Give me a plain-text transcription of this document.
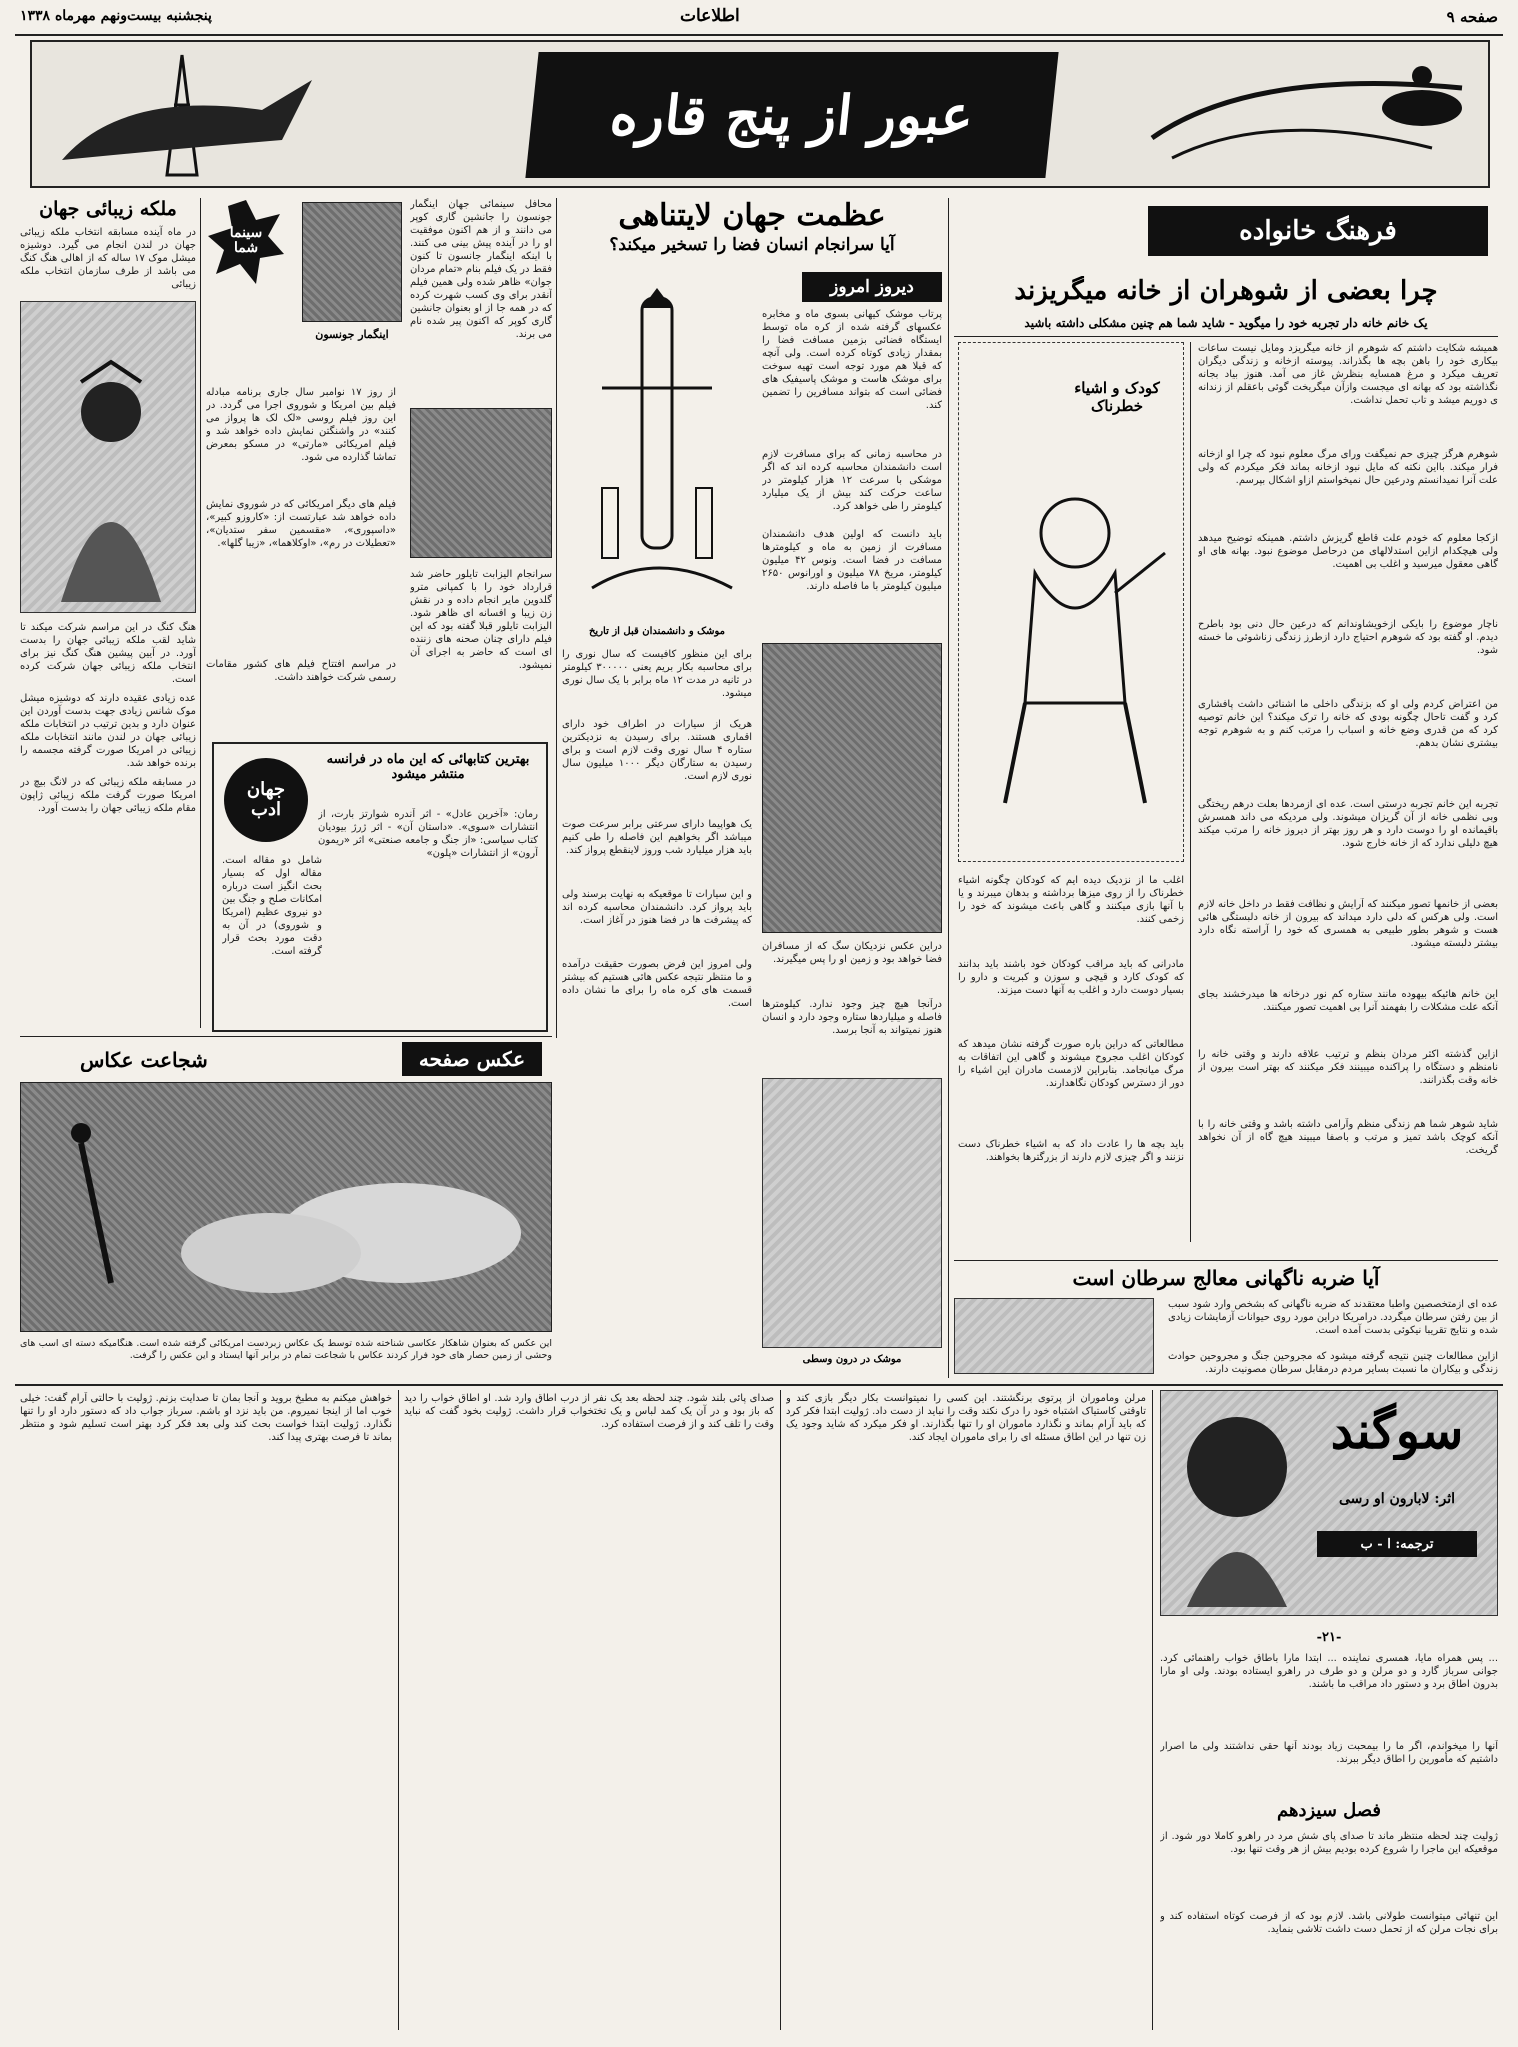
صفحه ۹
اطلاعات
پنجشنبه بیست‌ونهم مهرماه ۱۳۳۸
عبور از پنج قاره
ملکه زیبائی جهان
در ماه آینده مسابقه انتخاب ملکه زیبائی جهان در لندن انجام می گیرد. دوشیزه میشل موک ۱۷ ساله که از اهالی هنگ کنگ می باشد از طرف سازمان انتخاب ملکه زیبائی
هنگ کنگ در این مراسم شرکت میکند تا شاید لقب ملکه زیبائی جهان را بدست آورد. در آیین پیشین هنگ کنگ نیز برای انتخاب ملکه زیبائی جهان شرکت کرده است.
عده زیادی عقیده دارند که دوشیزه میشل موک شانس زیادی جهت بدست آوردن این عنوان دارد و بدین ترتیب در انتخابات ملکه زیبائی جهان در لندن مانند انتخابات ملکه زیبائی در امریکا صورت گرفته مجسمه را برنده خواهد شد.
در مسابقه ملکه زیبائی که در لانگ بیچ در امریکا صورت گرفت ملکه زیبائی ژاپون مقام ملکه زیبائی جهان را بدست آورد.
سینما شما
محافل سینمائی جهان اینگمار جونسون را جانشین گاری کوپر می دانند و از هم اکنون موفقیت او را در آینده پیش بینی می کنند. با اینکه اینگمار جانسون تا کنون فقط در یک فیلم بنام «تمام مردان جوان» ظاهر شده ولی همین فیلم آنقدر برای وی کسب شهرت کرده که در همه جا از او بعنوان جانشین گاری کوپر که اکنون پیر شده نام می برند.
اینگمار جونسون
از روز ۱۷ نوامبر سال جاری برنامه مبادله فیلم بین امریکا و شوروی اجرا می گردد. در این روز فیلم روسی «لک لک ها پرواز می کنند» در واشنگتن نمایش داده خواهد شد و فیلم امریکائی «مارتی» در مسکو بمعرض تماشا گذارده می شود.
فیلم های دیگر امریکائی که در شوروی نمایش داده خواهد شد عبارتست از: «کاروزو کبیر»، «داسپوری»، «مقسمین سفر ستدیان»، «تعطیلات در رم»، «اوکلاهما»، «زیبا گلها».
سرانجام الیزابت تایلور حاضر شد قرارداد خود را با کمپانی مترو گلدوین مایر انجام داده و در نقش زن زیبا و افسانه ای ظاهر شود. الیزابت تایلور قبلا گفته بود که این فیلم دارای چنان صحنه های زننده ای است که حاضر به اجرای آن نمیشود.
در مراسم افتتاح فیلم های کشور مقامات رسمی شرکت خواهند داشت.
جهان ادب
بهترین کتابهائی که این ماه در فرانسه منتشر میشود
رمان: «آخرین عادل» - اثر آندره شوارتز بارت، از انتشارات «سوی». «داستان آن» - اثر ژرژ بیودیان کتاب سیاسی: «از جنگ و جامعه صنعتی» اثر «ریمون آرون» از انتشارات «پلون»
شامل دو مقاله است. مقاله اول که بسیار بحث انگیز است درباره امکانات صلح و جنگ بین دو نیروی عظیم (امریکا و شوروی) در آن به دقت مورد بحث قرار گرفته است.
عظمت جهان لایتناهی
آیا سرانجام انسان فضا را تسخیر میکند؟
دیروز امروز
پرتاب موشک کیهانی بسوی ماه و مخابره عکسهای گرفته شده از کره ماه توسط ایستگاه فضائی بزمین مسافت فضا را بمقدار زیادی کوتاه کرده است. ولی آنچه که قبلا هم مورد توجه است تهیه سوخت برای موشک هاست و موشک پاسیفیک های فضائی است که بتواند مسافرین را تضمین کند.
در محاسبه زمانی که برای مسافرت لازم است دانشمندان محاسبه کرده اند که اگر موشکی با سرعت ۱۲ هزار کیلومتر در ساعت حرکت کند بیش از یک میلیارد کیلومتر را طی خواهد کرد.
باید دانست که اولین هدف دانشمندان مسافرت از زمین به ماه و کیلومترها مسافت در فضا است. ونوس ۴۲ میلیون کیلومتر، مریخ ۷۸ میلیون و اورانوس ۲۶۵۰ میلیون کیلومتر با ما فاصله دارند.
موشک و دانشمندان قبل از تاریخ
برای این منظور کافیست که سال نوری را برای محاسبه بکار بریم یعنی ۳۰۰۰۰۰ کیلومتر در ثانیه در مدت ۱۲ ماه برابر با یک سال نوری میشود.
هریک از سیارات در اطراف خود دارای اقماری هستند. برای رسیدن به نزدیکترین ستاره ۴ سال نوری وقت لازم است و برای رسیدن به ستارگان دیگر ۱۰۰۰ میلیون سال نوری لازم است.
یک هواپیما دارای سرعتی برابر سرعت صوت میباشد اگر بخواهیم این فاصله را طی کنیم باید هزار میلیارد شب وروز لاینقطع پرواز کند.
و این سیارات تا موقعیکه به نهایت برسند ولی باید پرواز کرد. دانشمندان محاسبه کرده اند که پیشرفت ها در فضا هنوز در آغاز است.
ولی امروز این فرض بصورت حقیقت درآمده و ما منتظر نتیجه عکس هائی هستیم که بیشتر قسمت های کره ماه را برای ما نشان داده است.
دراین عکس نزدیکان سگ که از مسافران فضا خواهد بود و زمین او را پس میگیرند.
درآنجا هیچ چیز وجود ندارد. کیلومترها فاصله و میلیاردها ستاره وجود دارد و انسان هنوز نمیتواند به آنجا برسد.
موشک در درون وسطی
فرهنگ خانواده
چرا بعضی از شوهران از خانه میگریزند
یک خانم خانه دار تجربه خود را میگوید - شاید شما هم چنین مشکلی داشته باشید
همیشه شکایت داشتم که شوهرم از خانه میگریزد ومایل نیست ساعات بیکاری خود را باهن بچه ها بگذراند. پیوسته ازخانه و زندگی دیگران تعریف میکرد و مرغ همسایه بنظرش غاز می آمد. هنوز بیاد بجانه نگذاشته بود که بهانه ای میجست وازآن میگریخت گوئی باعقلم از زندانه ی دوریم میشد و تاب تحمل نداشت.
شوهرم هرگز چیزی حم نمیگفت ورای مرگ معلوم نبود که چرا او ازخانه فرار میکند. بااین نکته که مایل نبود ازخانه بماند فکر میکردم که ولی علت آنرا نمیدانستم ودرعین حال نمیخواستم ازاو اشکال بپرسم.
ازکجا معلوم که خودم علت قاطع گریزش داشتم. همینکه توضیح میدهد ولی هیچکدام ازاین استدلالهای من درحاصل موضوع نبود. بهانه های او گاهی معقول میرسید و اغلب بی اهمیت.
ناچار موضوع را بایکی ازخویشاوندانم که درعین حال دنی بود باطرح دیدم. او گفته بود که شوهرم احتیاج دارد ازطرز زندگی زناشوئی ما خسته شود.
من اعتراض کردم ولی او که بزندگی داخلی ما اشنائی داشت پافشاری کرد و گفت تاحال چگونه بودی که خانه را ترک میکند؟ این خانم توصیه کرد که من قدری وضع خانه و اسباب را مرتب کنم و به شوهرم توجه بیشتری نشان بدهم.
تجربه این خانم تجربه درستی است. عده ای ازمردها بعلت درهم ریختگی وبی نظمی خانه از آن گریزان میشوند. ولی مردیکه می داند همسرش باقیمانده او را دوست دارد و هر روز بهتر از دیروز خانه را مرتب میکند هیچ دلیلی ندارد که از خانه خارج شود.
بعضی از خانمها تصور میکنند که آرایش و نظافت فقط در داخل خانه لازم است. ولی هرکس که دلی دارد میداند که بیرون از خانه دلبستگی هائی هست و شوهر بطور طبیعی به همسری که خود را آراسته نگاه دارد بیشتر دلبسته میشود.
این خانم هائیکه بیهوده مانند ستاره کم نور درخانه ها میدرخشند بجای آنکه علت مشکلات را بفهمند آنرا بی اهمیت تصور میکنند.
ازاین گذشته اکثر مردان بنظم و ترتیب علاقه دارند و وقتی خانه را نامنظم و دستگاه را پراکنده میبینند فکر میکنند که بهتر است بیرون از خانه وقت بگذرانند.
شاید شوهر شما هم زندگی منظم وآرامی داشته باشد و وقتی خانه را با آنکه کوچک باشد تمیز و مرتب و باصفا میبیند هیچ گاه از آن نخواهد گریخت.
کودک و اشیاء خطرناک
اغلب ما از نزدیک دیده ایم که کودکان چگونه اشیاء خطرناک را از روی میزها برداشته و بدهان میبرند و یا با آنها بازی میکنند و گاهی باعث میشوند که خود را زخمی کنند.
مادرانی که باید مراقب کودکان خود باشند باید بدانند که کودک کارد و قیچی و سوزن و کبریت و دارو را بسیار دوست دارد و اغلب به آنها دست میزند.
مطالعاتی که دراین باره صورت گرفته نشان میدهد که کودکان اغلب مجروح میشوند و گاهی این اتفاقات به مرگ میانجامد. بنابراین لازمست مادران این اشیاء را دور از دسترس کودکان نگاهدارند.
باید بچه ها را عادت داد که به اشیاء خطرناک دست نزنند و اگر چیزی لازم دارند از بزرگترها بخواهند.
آیا ضربه ناگهانی معالج سرطان است
عده ای ازمتخصصین واطبا معتقدند که ضربه ناگهانی که بشخص وارد شود سبب از بین رفتن سرطان میگردد. درامریکا دراین مورد روی حیوانات آزمایشات زیادی شده و نتایج تقریبا نیکوئی بدست آمده است.
ازاین مطالعات چنین نتیجه گرفته میشود که مجروحین جنگ و مجروحین حوادث زندگی و بیکاران ما نسبت بسایر مردم درمقابل سرطان مصونیت دارند.
عکس صفحه
شجاعت عکاس
این عکس که بعنوان شاهکار عکاسی شناخته شده توسط یک عکاس زبردست امریکائی گرفته شده است. هنگامیکه دسته ای اسب های وحشی از زمین حصار های خود فرار کردند عکاس با شجاعت تمام در برابر آنها ایستاد و این عکس را گرفت.
سوگند
اثر: لابارون او رسی
ترجمه: ا - ب
-۲۱-
... پس همراه مایا، همسری نماینده ... ابتدا مارا باطاق خواب راهنمائی کرد. جوانی سرباز گارد و دو مرلن و دو طرف در راهرو ایستاده بودند. ولی او مارا بدرون اطاق برد و دستور داد مراقب ما باشند.
آنها را میخواندم، اگر ما را بیمحبت زیاد بودند آنها حقی نداشتند ولی ما اصرار داشتیم که مأمورین را اطاق دیگر ببرند.
فصل سیزدهم
ژولیت چند لحظه منتظر ماند تا صدای پای شش مرد در راهرو کاملا دور شود. از موقعیکه این ماجرا را شروع کرده بودیم بیش از هر وقت تنها بود.
این تنهائی میتوانست طولانی باشد. لازم بود که از فرصت کوتاه استفاده کند و برای نجات مرلن که از تحمل دست داشت تلاشی بنماید.
مرلن وماموران از پرتوی برنگشتند. این کسی را نمیتوانست بکار دیگر بازی کند و تاوقتی کاستیاک اشتباه خود را درک نکند وقت را نباید از دست داد. ژولیت ابتدا فکر کرد که باید آرام بماند و نگذارد ماموران او را تنها بگذارند. او فکر میکرد که شاید وجود یک زن تنها در این اطاق مسئله ای را برای ماموران ایجاد کند.
صدای پائی بلند شود. چند لحظه بعد یک نفر از درب اطاق وارد شد. او اطاق خواب را دید که باز بود و در آن یک کمد لباس و یک تختخواب قرار داشت. ژولیت بخود گفت که نباید وقت را تلف کند و از فرصت استفاده کرد.
خواهش میکنم به مطبخ بروید و آنجا بمان تا صدایت بزنم. ژولیت با حالتی آرام گفت: خیلی خوب اما از اینجا نمیروم. من باید نزد او باشم. سرباز جواب داد که دستور دارد او را تنها نگذارد. ژولیت ابتدا خواست بحث کند ولی بعد فکر کرد بهتر است تسلیم شود و منتظر بماند تا فرصت بهتری پیدا کند.
